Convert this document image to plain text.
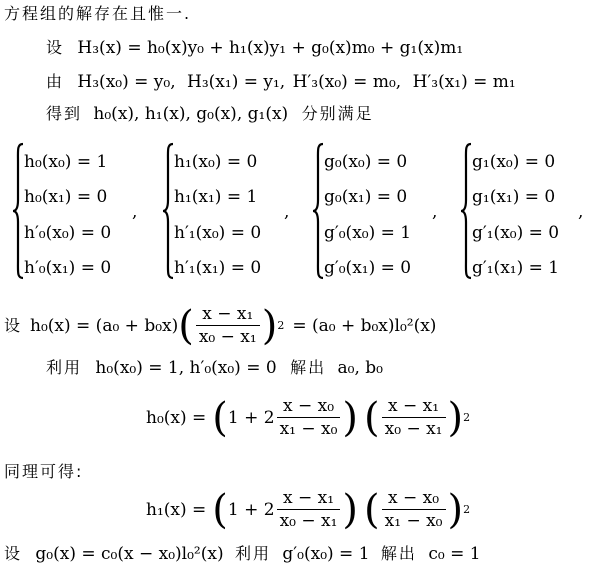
方程组的解存在且惟一.
设 H₃(x) = h₀(x)y₀ + h₁(x)y₁ + g₀(x)m₀ + g₁(x)m₁
由 H₃(x₀) = y₀, H₃(x₁) = y₁, H′₃(x₀) = m₀, H′₃(x₁) = m₁
得到 h₀(x), h₁(x), g₀(x), g₁(x) 分别满足
h₀(x₀) = 1
h₀(x₁) = 0
h′₀(x₀) = 0
h′₀(x₁) = 0
,
h₁(x₀) = 0
h₁(x₁) = 1
h′₁(x₀) = 0
h′₁(x₁) = 0
,
g₀(x₀) = 0
g₀(x₁) = 0
g′₀(x₀) = 1
g′₀(x₁) = 0
,
g₁(x₀) = 0
g₁(x₁) = 0
g′₁(x₀) = 0
g′₁(x₁) = 1
,
设 h₀(x) = (a₀ + b₀x) ( $\frac{\text{x − x₁}}{\text{x₀ − x₁}}$ ) 2 = (a₀ + b₀x)l₀²(x)
利用 h₀(x₀) = 1, h′₀(x₀) = 0 解出 a₀, b₀
h₀(x) = ( $1 + 2 \frac{\text{x − x₀}}{\text{x₁ − x₀}}$ ) ( $\frac{\text{x − x₁}}{\text{x₀ − x₁}}$ ) 2
同理可得:
h₁(x) = ( $1 + 2 \frac{\text{x − x₁}}{\text{x₀ − x₁}}$ ) ( $\frac{\text{x − x₀}}{\text{x₁ − x₀}}$ ) 2
设 g₀(x) = c₀(x − x₀)l₀²(x) 利用 g′₀(x₀) = 1 解出 c₀ = 1
